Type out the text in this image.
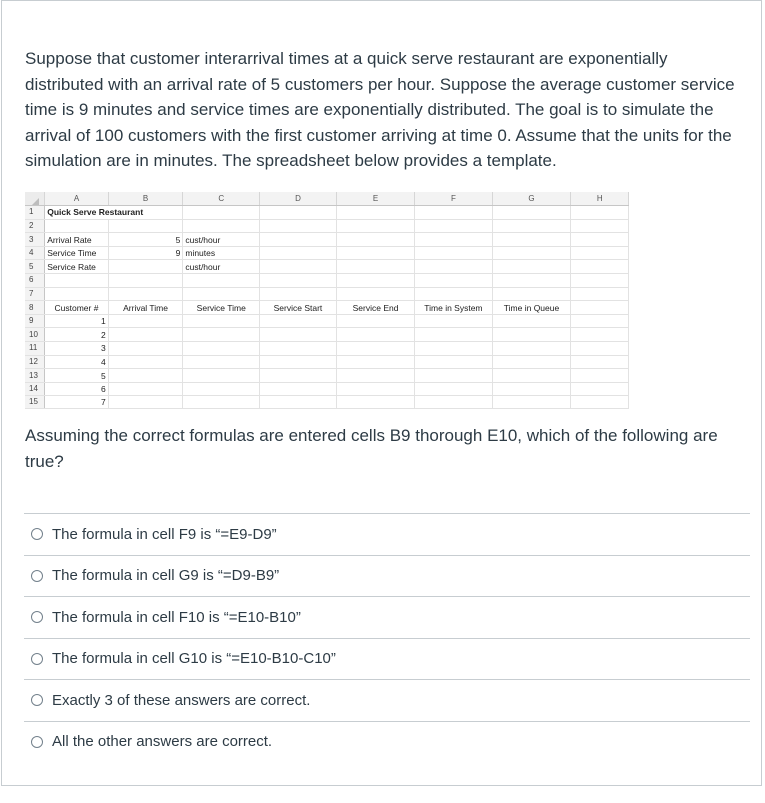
Suppose that customer interarrival times at a quick serve restaurant are exponentially distributed with an arrival rate of 5 customers per hour. Suppose the average customer service time is 9 minutes and service times are exponentially distributed. The goal is to simulate the arrival of 100 customers with the first customer arriving at time 0. Assume that the units for the simulation are in minutes. The spreadsheet below provides a template.
	A	B	C	D	E	F	G	H
1	Quick Serve Restaurant							
2								
3	Arrival Rate	5	cust/hour					
4	Service Time	9	minutes					
5	Service Rate		cust/hour					
6								
7								
8	Customer #	Arrival Time	Service Time	Service Start	Service End	Time in System	Time in Queue	
9	1							
10	2							
11	3							
12	4							
13	5							
14	6							
15	7							
Assuming the correct formulas are entered cells B9 thorough E10, which of the following are true?
The formula in cell F9 is “=E9-D9”
The formula in cell G9 is “=D9-B9”
The formula in cell F10 is “=E10-B10”
The formula in cell G10 is “=E10-B10-C10”
Exactly 3 of these answers are correct.
All the other answers are correct.
